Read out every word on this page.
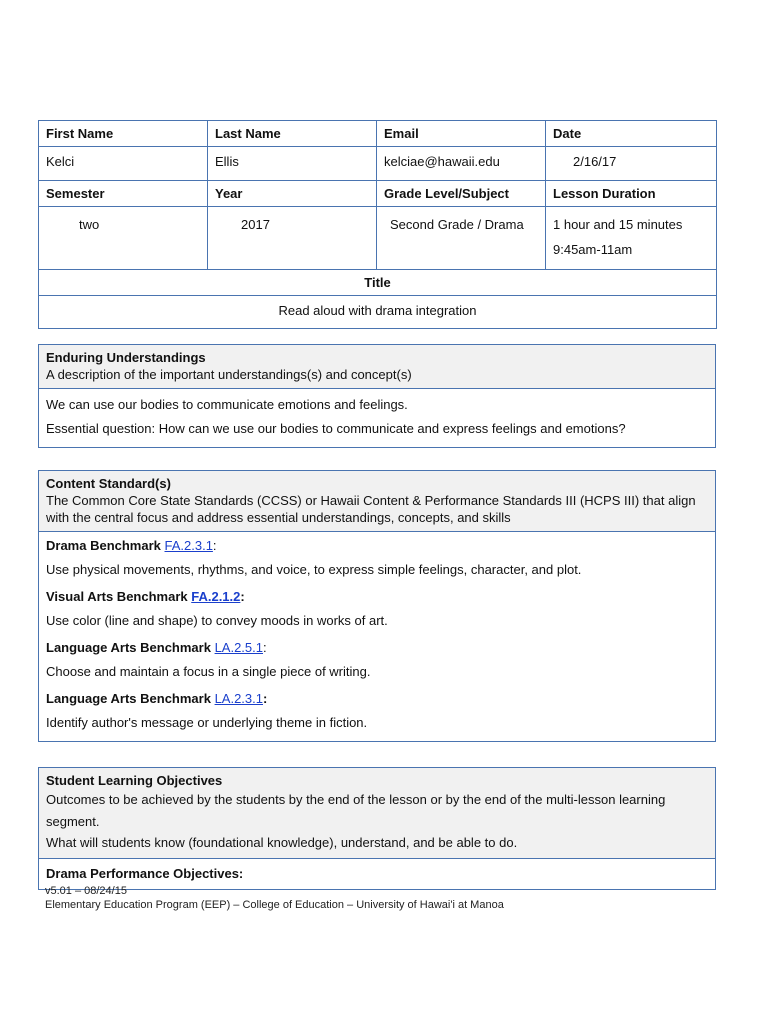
First Name	Last Name	Email	Date
Kelci	Ellis	kelciae@hawaii.edu	2/16/17
Semester	Year	Grade Level/Subject	Lesson Duration
two	2017	Second Grade / Drama	1 hour and 15 minutes
9:45am-11am

Title			
Read aloud with drama integration			
Enduring Understandings
A description of the important understandings(s) and concept(s)

We can use our bodies to communicate emotions and feelings.

Essential question: How can we use our bodies to communicate and express feelings and emotions?

Content Standard(s)
The Common Core State Standards (CCSS) or Hawaii Content & Performance Standards III (HCPS III) that align with the central focus and address essential understandings, concepts, and skills

Drama Benchmark FA.2.3.1:

Use physical movements, rhythms, and voice, to express simple feelings, character, and plot.

Visual Arts Benchmark FA.2.1.2:

Use color (line and shape) to convey moods in works of art.

Language Arts Benchmark LA.2.5.1:

Choose and maintain a focus in a single piece of writing.

Language Arts Benchmark LA.2.3.1:

Identify author's message or underlying theme in fiction.

Student Learning Objectives
Outcomes to be achieved by the students by the end of the lesson or by the end of the multi-lesson learning segment.
What will students know (foundational knowledge), understand, and be able to do.

Drama Performance Objectives:

v5.01 – 08/24/15
Elementary Education Program (EEP) – College of Education – University of Hawai'i at Manoa
